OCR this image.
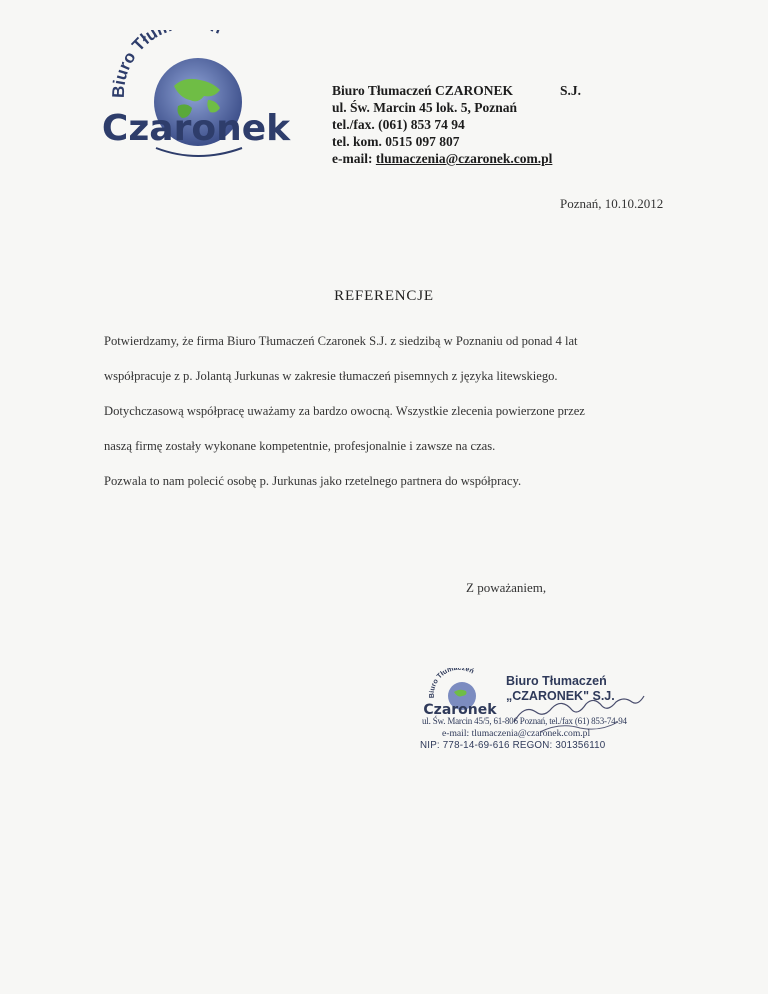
Biuro Tłu
Czaronek
Biuro Tłumaczeń CZARONEK	S.J.
ul. Św. Marcin 45 lok. 5, Poznań
tel./fax. (061) 853 74 94
tel. kom. 0515 097 807
e-mail: tlumaczenia@czaronek.com.pl
Poznań, 10.10.2012
REFERENCJE

Potwierdzamy, że firma Biuro Tłumaczeń Czaronek S.J. z siedzibą w Poznaniu od ponad 4 lat

współpracuje z p. Jolantą Jurkunas w zakresie tłumaczeń pisemnych z języka litewskiego.

Dotychczasową współpracę uważamy za bardzo owocną. Wszystkie zlecenia powierzone przez

naszą firmę zostały wykonane kompetentnie, profesjonalnie i zawsze na czas.

Pozwala to nam polecić osobę p. Jurkunas jako rzetelnego partnera do współpracy.

Z poważaniem,
Biuro Tłumaczeń
Czaronek
Biuro Tłumaczeń
„CZARONEK" S.J.
ul. Św. Marcin 45/5, 61-806 Poznań, tel./fax (61) 853-74-94
e-mail: tlumaczenia@czaronek.com.pl
NIP: 778-14-69-616 REGON: 301356110
